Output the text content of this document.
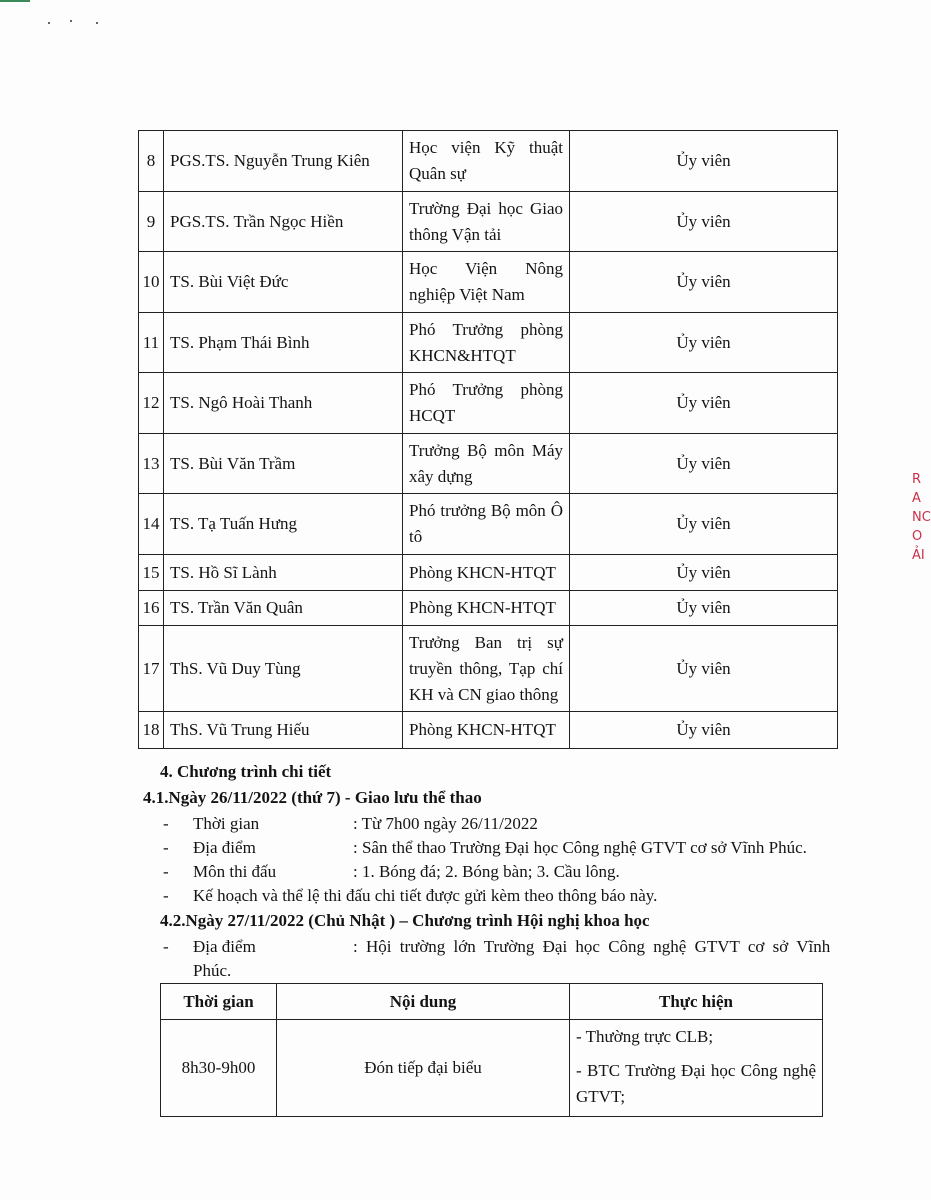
8	PGS.TS. Nguyễn Trung Kiên	Học viện Kỹ thuật Quân sự	Ủy viên
9	PGS.TS. Trần Ngọc Hiền	Trường Đại học Giao thông Vận tải	Ủy viên
10	TS. Bùi Việt Đức	Học Viện Nông nghiệp Việt Nam	Ủy viên
11	TS. Phạm Thái Bình	Phó Trưởng phòng KHCN&HTQT	Ủy viên
12	TS. Ngô Hoài Thanh	Phó Trưởng phòng HCQT	Ủy viên
13	TS. Bùi Văn Trầm	Trưởng Bộ môn Máy xây dựng	Ủy viên
14	TS. Tạ Tuấn Hưng	Phó trưởng Bộ môn Ô tô	Ủy viên
15	TS. Hồ Sĩ Lành	Phòng KHCN-HTQT	Ủy viên
16	TS. Trần Văn Quân	Phòng KHCN-HTQT	Ủy viên
17	ThS. Vũ Duy Tùng	Trưởng Ban trị sự truyền thông, Tạp chí KH và CN giao thông	Ủy viên
18	ThS. Vũ Trung Hiếu	Phòng KHCN-HTQT	Ủy viên
4. Chương trình chi tiết
4.1.Ngày 26/11/2022 (thứ 7) - Giao lưu thể thao
- Thời gian	: Từ 7h00 ngày 26/11/2022
- Địa điểm	: Sân thể thao Trường Đại học Công nghệ GTVT cơ sở Vĩnh Phúc.
- Môn thi đấu	: 1. Bóng đá; 2. Bóng bàn; 3. Cầu lông.
- Kế hoạch và thể lệ thi đấu chi tiết được gửi kèm theo thông báo này.
4.2.Ngày 27/11/2022 (Chủ Nhật ) – Chương trình Hội nghị khoa học
- Địa điểm	: Hội trường lớn Trường Đại học Công nghệ GTVT cơ sở Vĩnh
Phúc.
Thời gian	Nội dung	Thực hiện
8h30-9h00	Đón tiếp đại biểu	- Thường trực CLB;
- BTC Trường Đại học Công nghệ GTVT;
R A NC O ẢI
